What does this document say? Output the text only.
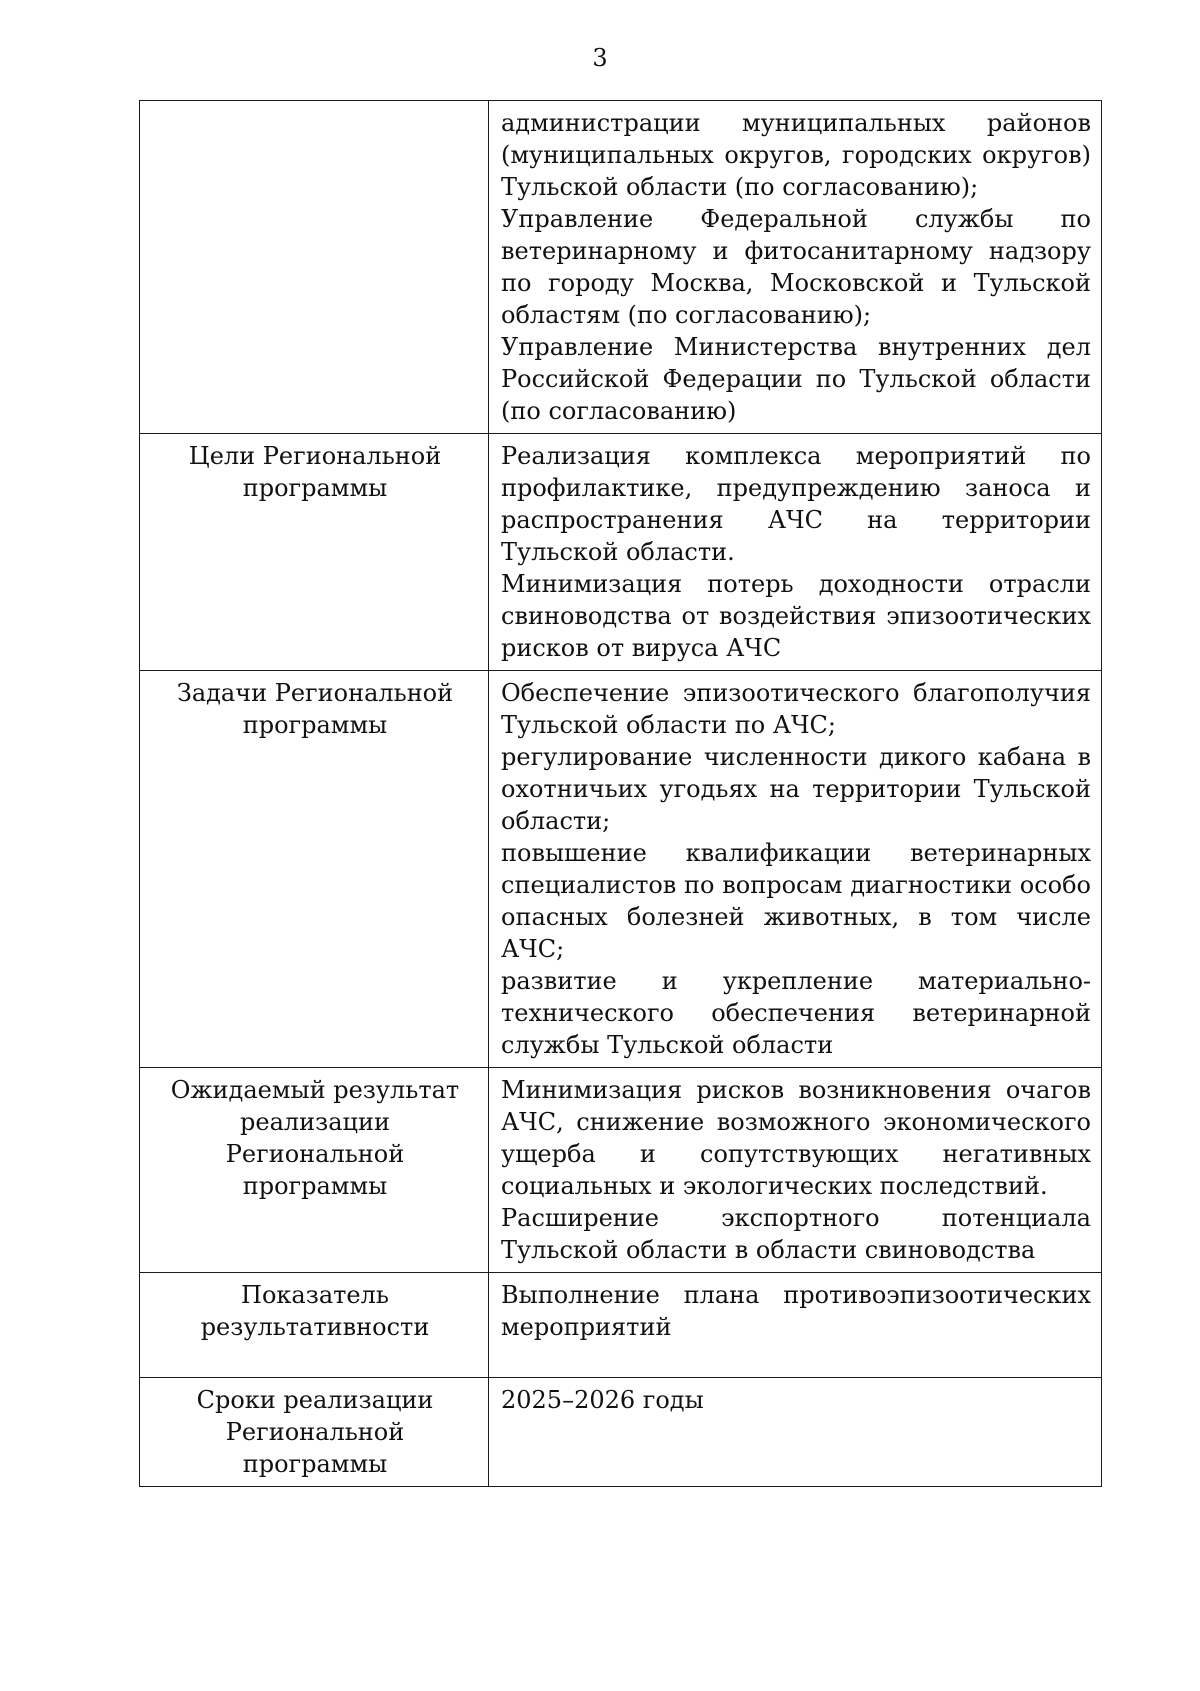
3

	администрации муниципальных районов (муниципальных округов, городских округов) Тульской области (по согласованию);
Управление Федеральной службы по ветеринарному и фитосанитарному надзору по городу Москва, Московской и Тульской областям (по согласованию);
Управление Министерства внутренних дел Российской Федерации по Тульской области (по согласованию)

Цели Региональной программы	Реализация комплекса мероприятий по профилактике, предупреждению заноса и распространения АЧС на территории Тульской области.
Минимизация потерь доходности отрасли свиноводства от воздействия эпизоотических рисков от вируса АЧС

Задачи Региональной программы	Обеспечение эпизоотического благополучия Тульской области по АЧС;
регулирование численности дикого кабана в охотничьих угодьях на территории Тульской области;
повышение квалификации ветеринарных специалистов по вопросам диагностики особо опасных болезней животных, в том числе АЧС;
развитие и укрепление материально-технического обеспечения ветеринарной службы Тульской области

Ожидаемый результат реализации Региональной программы	Минимизация рисков возникновения очагов АЧС, снижение возможного экономического ущерба и сопутствующих негативных социальных и экологических последствий.
Расширение экспортного потенциала Тульской области в области свиноводства

Показатель результативности	Выполнение плана противоэпизоотических мероприятий

Сроки реализации Региональной программы	2025–2026 годы
